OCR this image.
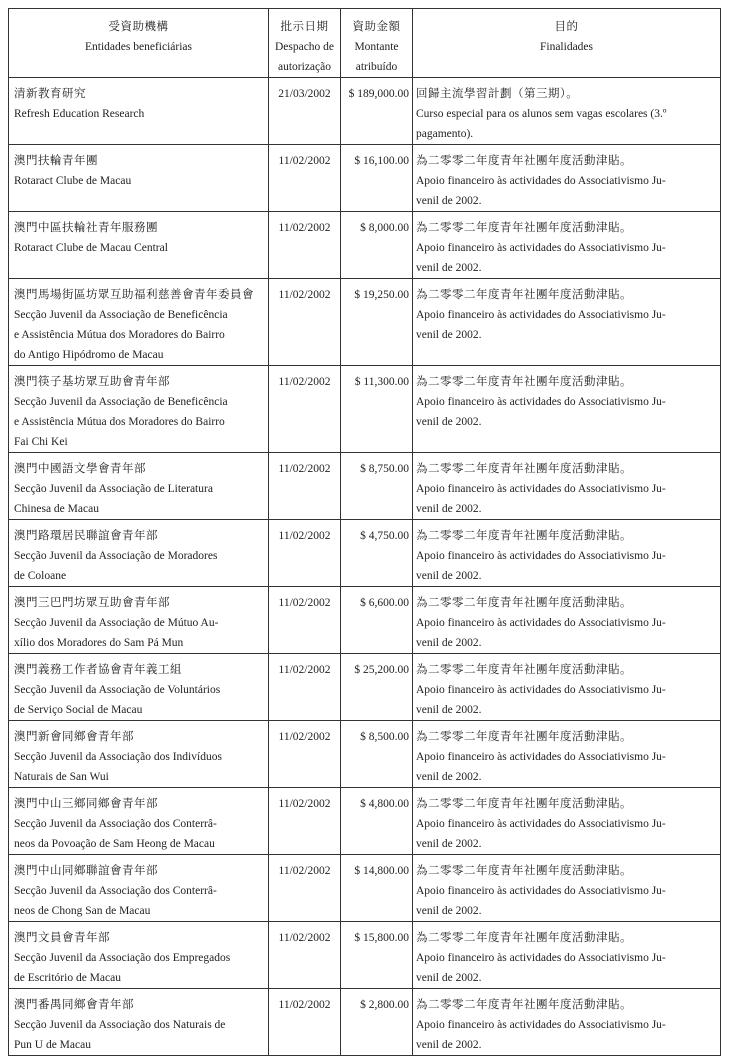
受資助機構
Entidades beneficiárias	批示日期
Despacho de
autorização	資助金額
Montante
atribuído	目的
Finalidades

清新教育研究
Refresh Education Research	21/03/2002	$ 189,000.00	回歸主流學習計劃（第三期）。
Curso especial para os alunos sem vagas escolares (3.º
pagamento).

澳門扶輪青年團
Rotaract Clube de Macau	11/02/2002	$ 16,100.00	為二零零二年度青年社團年度活動津貼。
Apoio financeiro às actividades do Associativismo Ju-
venil de 2002.

澳門中區扶輪社青年服務團
Rotaract Clube de Macau Central	11/02/2002	$ 8,000.00	為二零零二年度青年社團年度活動津貼。
Apoio financeiro às actividades do Associativismo Ju-
venil de 2002.

澳門馬場街區坊眾互助福利慈善會青年委員會
Secção Juvenil da Associação de Beneficência
e Assistência Mútua dos Moradores do Bairro
do Antigo Hipódromo de Macau	11/02/2002	$ 19,250.00	為二零零二年度青年社團年度活動津貼。
Apoio financeiro às actividades do Associativismo Ju-
venil de 2002.

澳門筷子基坊眾互助會青年部
Secção Juvenil da Associação de Beneficência
e Assistência Mútua dos Moradores do Bairro
Fai Chi Kei	11/02/2002	$ 11,300.00	為二零零二年度青年社團年度活動津貼。
Apoio financeiro às actividades do Associativismo Ju-
venil de 2002.

澳門中國語文學會青年部
Secção Juvenil da Associação de Literatura
Chinesa de Macau	11/02/2002	$ 8,750.00	為二零零二年度青年社團年度活動津貼。
Apoio financeiro às actividades do Associativismo Ju-
venil de 2002.

澳門路環居民聯誼會青年部
Secção Juvenil da Associação de Moradores
de Coloane	11/02/2002	$ 4,750.00	為二零零二年度青年社團年度活動津貼。
Apoio financeiro às actividades do Associativismo Ju-
venil de 2002.

澳門三巴門坊眾互助會青年部
Secção Juvenil da Associação de Mútuo Au-
xílio dos Moradores do Sam Pá Mun	11/02/2002	$ 6,600.00	為二零零二年度青年社團年度活動津貼。
Apoio financeiro às actividades do Associativismo Ju-
venil de 2002.

澳門義務工作者協會青年義工組
Secção Juvenil da Associação de Voluntários
de Serviço Social de Macau	11/02/2002	$ 25,200.00	為二零零二年度青年社團年度活動津貼。
Apoio financeiro às actividades do Associativismo Ju-
venil de 2002.

澳門新會同鄉會青年部
Secção Juvenil da Associação dos Indivíduos
Naturais de San Wui	11/02/2002	$ 8,500.00	為二零零二年度青年社團年度活動津貼。
Apoio financeiro às actividades do Associativismo Ju-
venil de 2002.

澳門中山三鄉同鄉會青年部
Secção Juvenil da Associação dos Conterrâ-
neos da Povoação de Sam Heong de Macau	11/02/2002	$ 4,800.00	為二零零二年度青年社團年度活動津貼。
Apoio financeiro às actividades do Associativismo Ju-
venil de 2002.

澳門中山同鄉聯誼會青年部
Secção Juvenil da Associação dos Conterrâ-
neos de Chong San de Macau	11/02/2002	$ 14,800.00	為二零零二年度青年社團年度活動津貼。
Apoio financeiro às actividades do Associativismo Ju-
venil de 2002.

澳門文員會青年部
Secção Juvenil da Associação dos Empregados
de Escritório de Macau	11/02/2002	$ 15,800.00	為二零零二年度青年社團年度活動津貼。
Apoio financeiro às actividades do Associativismo Ju-
venil de 2002.

澳門番禺同鄉會青年部
Secção Juvenil da Associação dos Naturais de
Pun U de Macau	11/02/2002	$ 2,800.00	為二零零二年度青年社團年度活動津貼。
Apoio financeiro às actividades do Associativismo Ju-
venil de 2002.
